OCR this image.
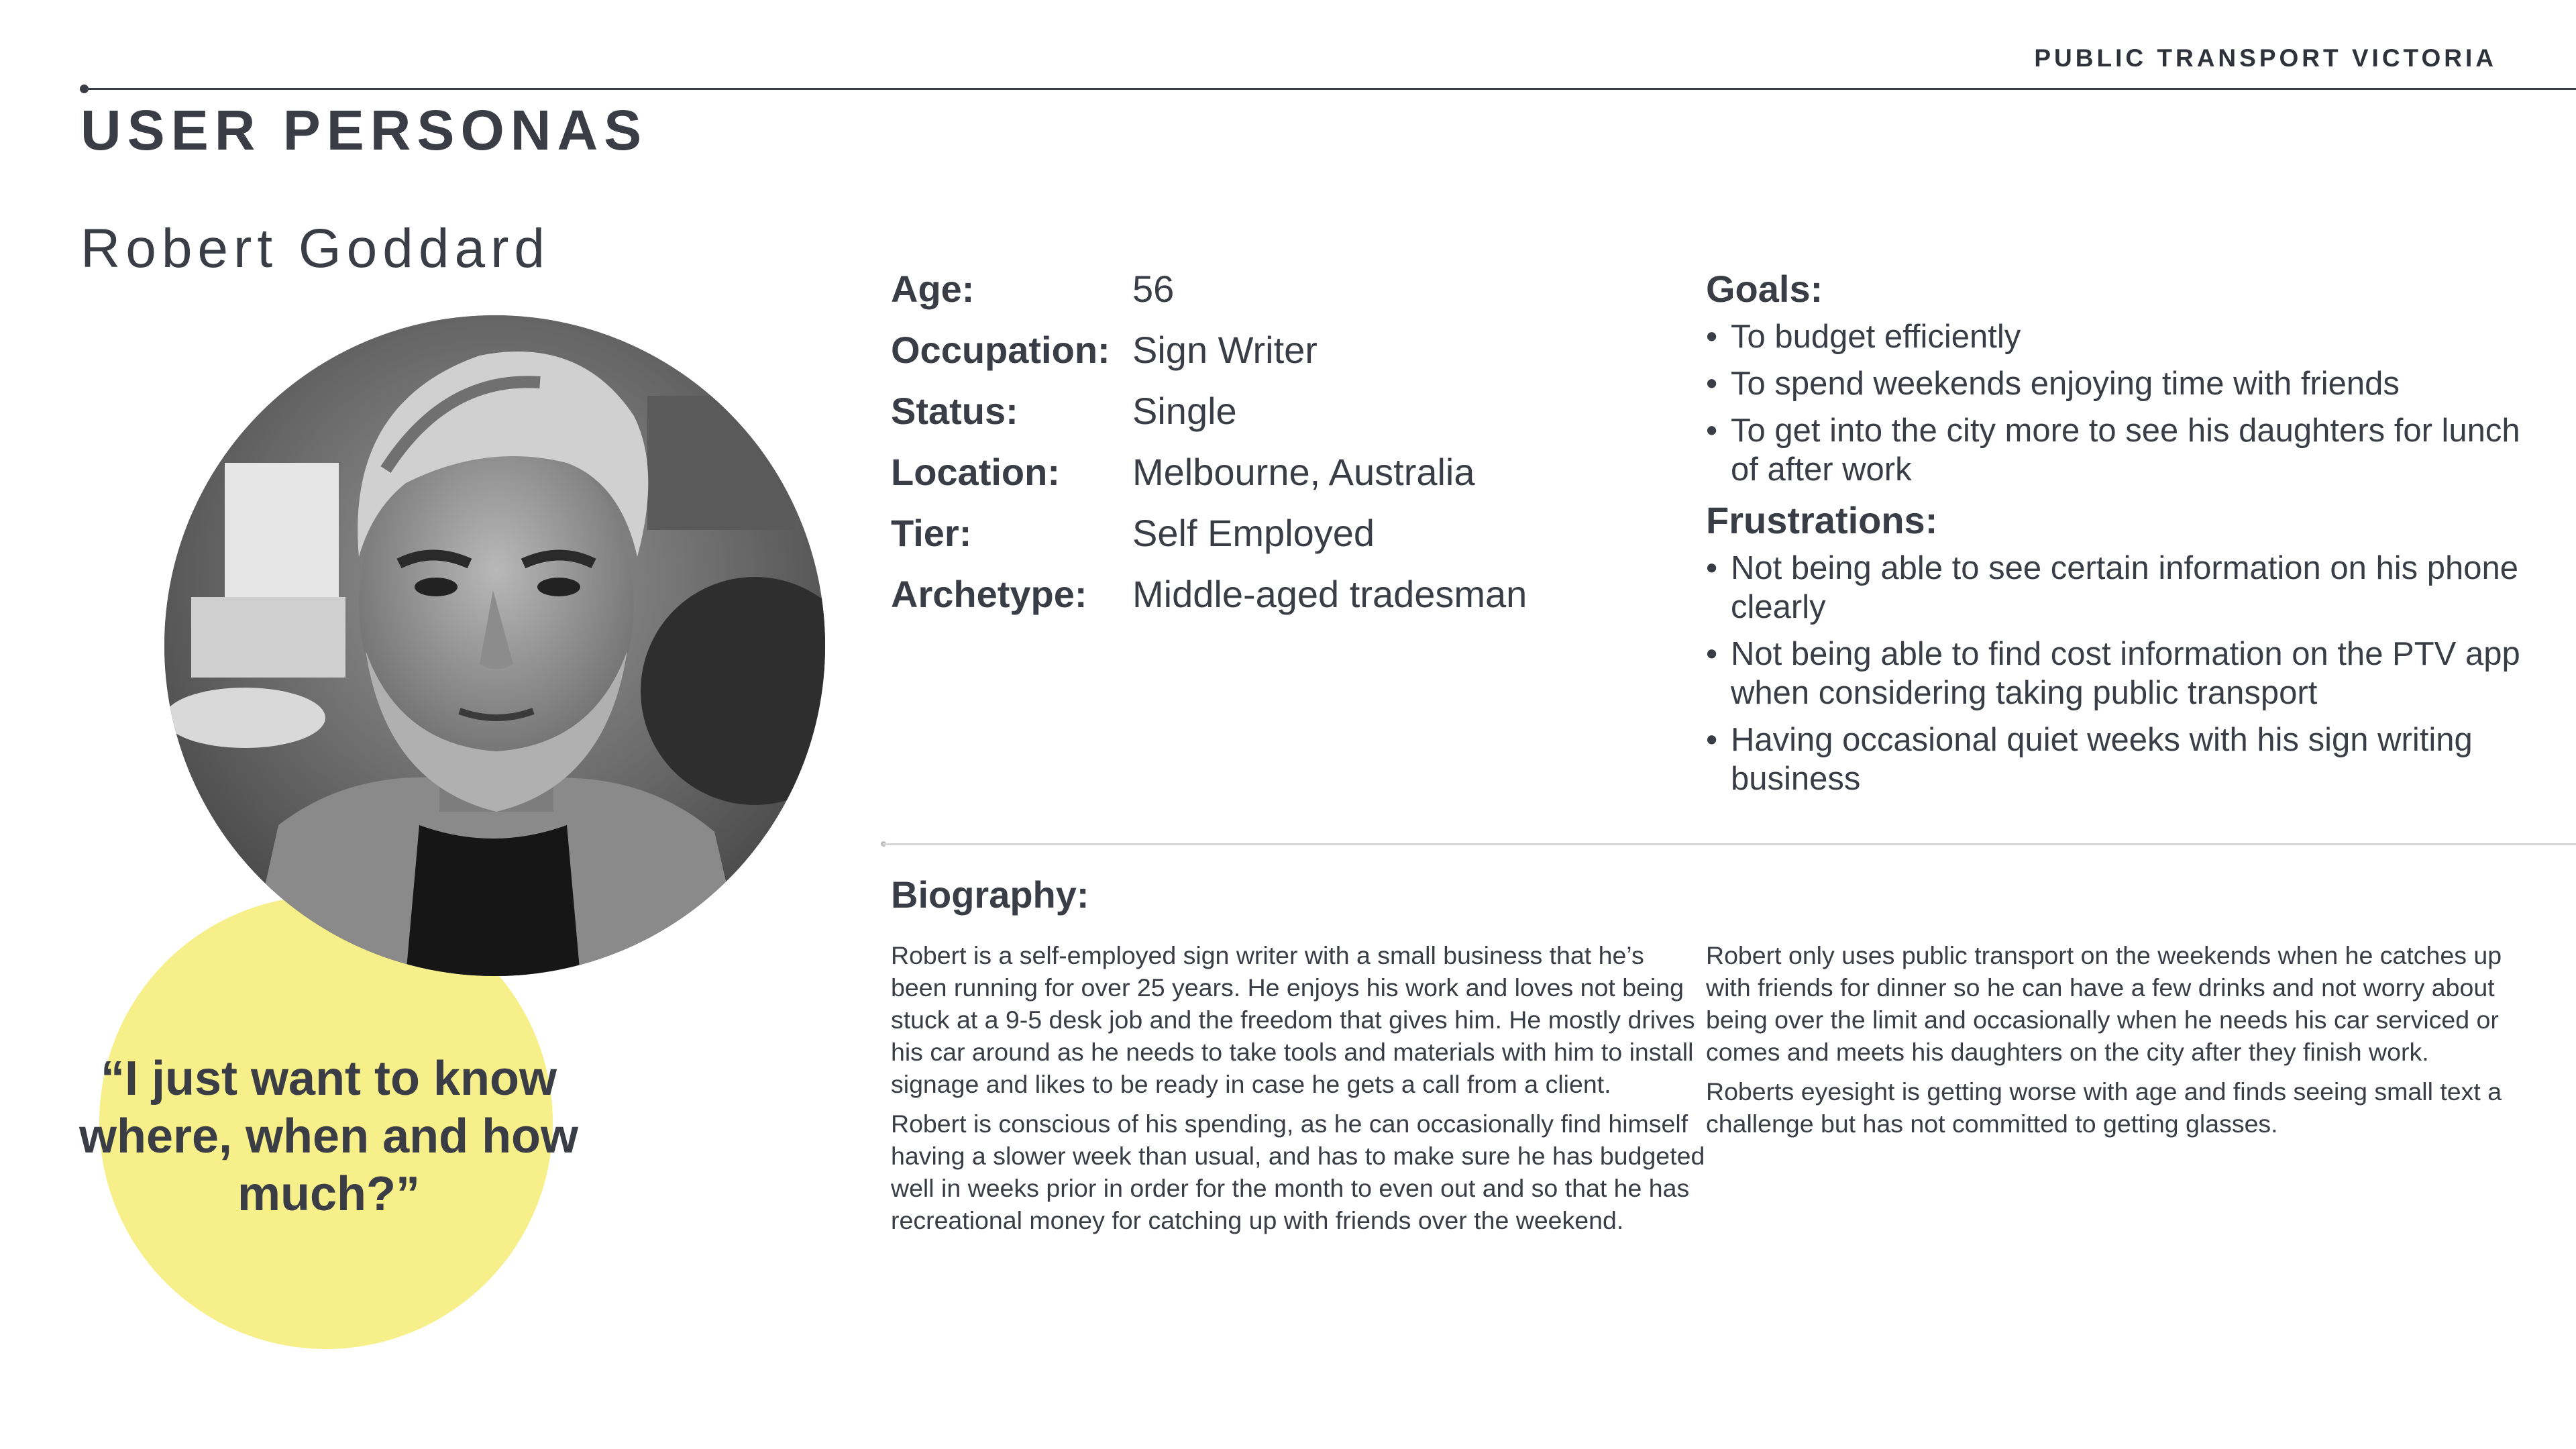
PUBLIC TRANSPORT VICTORIA
USER PERSONAS
Robert Goddard
“I just want to know where, when and how much?”
Age:	56
Occupation: Sign Writer
Status:	Single
Location: Melbourne, Australia
Tier:	Self Employed
Archetype: Middle-aged tradesman
Goals:
• To budget efficiently
• To spend weekends enjoying time with friends
• To get into the city more to see his daughters for lunch of after work
Frustrations:
• Not being able to see certain information on his phone clearly
• Not being able to find cost information on the PTV app when considering taking public transport
• Having occasional quiet weeks with his sign writing business
Biography:

Robert is a self-employed sign writer with a small business that he’s been running for over 25 years. He enjoys his work and loves not being stuck at a 9-5 desk job and the freedom that gives him. He mostly drives his car around as he needs to take tools and materials with him to install signage and likes to be ready in case he gets a call from a client.

Robert is conscious of his spending, as he can occasionally find himself having a slower week than usual, and has to make sure he has budgeted well in weeks prior in order for the month to even out and so that he has recreational money for catching up with friends over the weekend.

Robert only uses public transport on the weekends when he catches up with friends for dinner so he can have a few drinks and not worry about being over the limit and occasionally when he needs his car serviced or comes and meets his daughters on the city after they finish work.

Roberts eyesight is getting worse with age and finds seeing small text a challenge but has not committed to getting glasses.
